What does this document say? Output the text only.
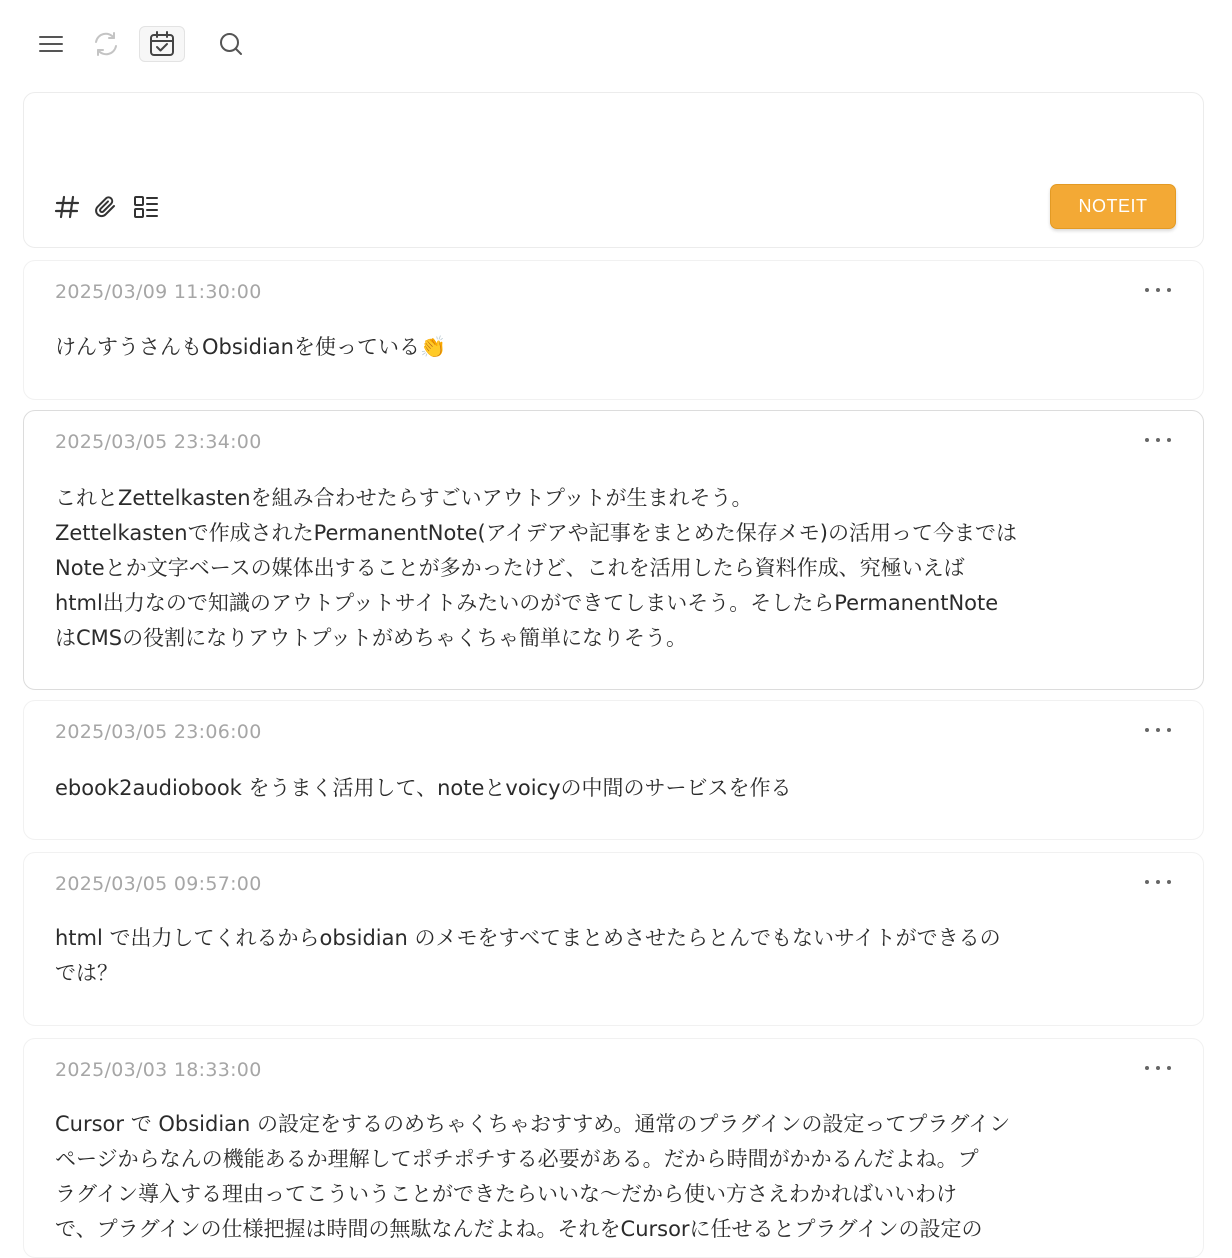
NOTEIT
2025/03/09 11:30:00
けんすうさんもObsidianを使っている👏
2025/03/05 23:34:00
これとZettelkastenを組み合わせたらすごいアウトプットが生まれそう。
Zettelkastenで作成されたPermanentNote(アイデアや記事をまとめた保存メモ)の活用って今までは
Noteとか文字ベースの媒体出することが多かったけど、これを活用したら資料作成、究極いえば
html出力なので知識のアウトプットサイトみたいのができてしまいそう。そしたらPermanentNote
はCMSの役割になりアウトプットがめちゃくちゃ簡単になりそう。
2025/03/05 23:06:00
ebook2audiobook をうまく活用して、noteとvoicyの中間のサービスを作る
2025/03/05 09:57:00
html で出力してくれるからobsidian のメモをすべてまとめさせたらとんでもないサイトができるの
では？
2025/03/03 18:33:00
Cursor で Obsidian の設定をするのめちゃくちゃおすすめ。通常のプラグインの設定ってプラグイン
ページからなんの機能あるか理解してポチポチする必要がある。だから時間がかかるんだよね。プ
ラグイン導入する理由ってこういうことができたらいいな〜だから使い方さえわかればいいわけ
で、プラグインの仕様把握は時間の無駄なんだよね。それをCursorに任せるとプラグインの設定の
